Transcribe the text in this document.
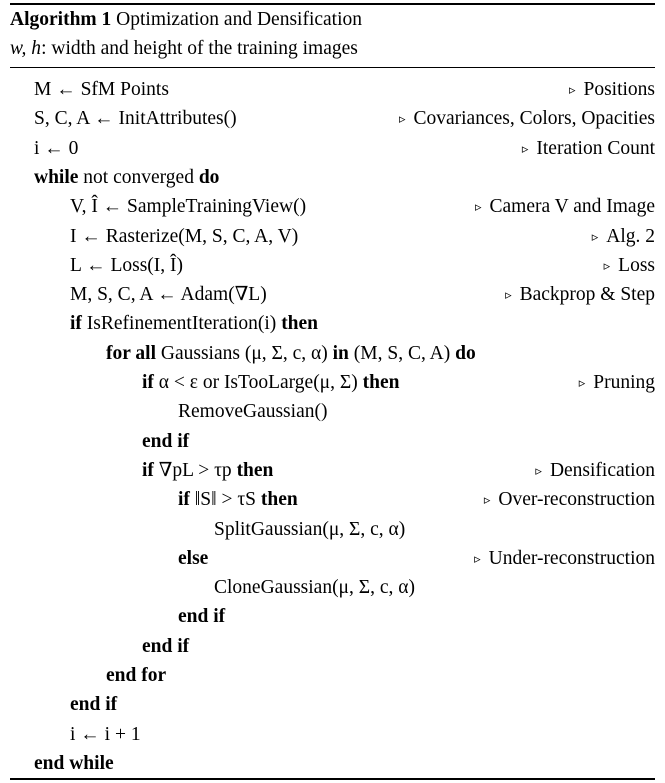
Algorithm 1 Optimization and Densification
w, h: width and height of the training images
M ← SfM Points	▹ Positions
S, C, A ← InitAttributes()	▹ Covariances, Colors, Opacities
i ← 0	▹ Iteration Count
while not converged do
V, Î ← SampleTrainingView()	▹ Camera V and Image
I ← Rasterize(M, S, C, A, V)	▹ Alg. 2
L ← Loss(I, Î)	▹ Loss
M, S, C, A ← Adam(∇L)	▹ Backprop & Step
if IsRefinementIteration(i) then
for all Gaussians (μ, Σ, c, α) in (M, S, C, A) do
if α < ε or IsTooLarge(μ, Σ) then	▹ Pruning
RemoveGaussian()
end if
if ∇pL > τp then	▹ Densification
if ‖S‖ > τS then	▹ Over-reconstruction
SplitGaussian(μ, Σ, c, α)
else	▹ Under-reconstruction
CloneGaussian(μ, Σ, c, α)
end if
end if
end for
end if
i ← i + 1
end while
